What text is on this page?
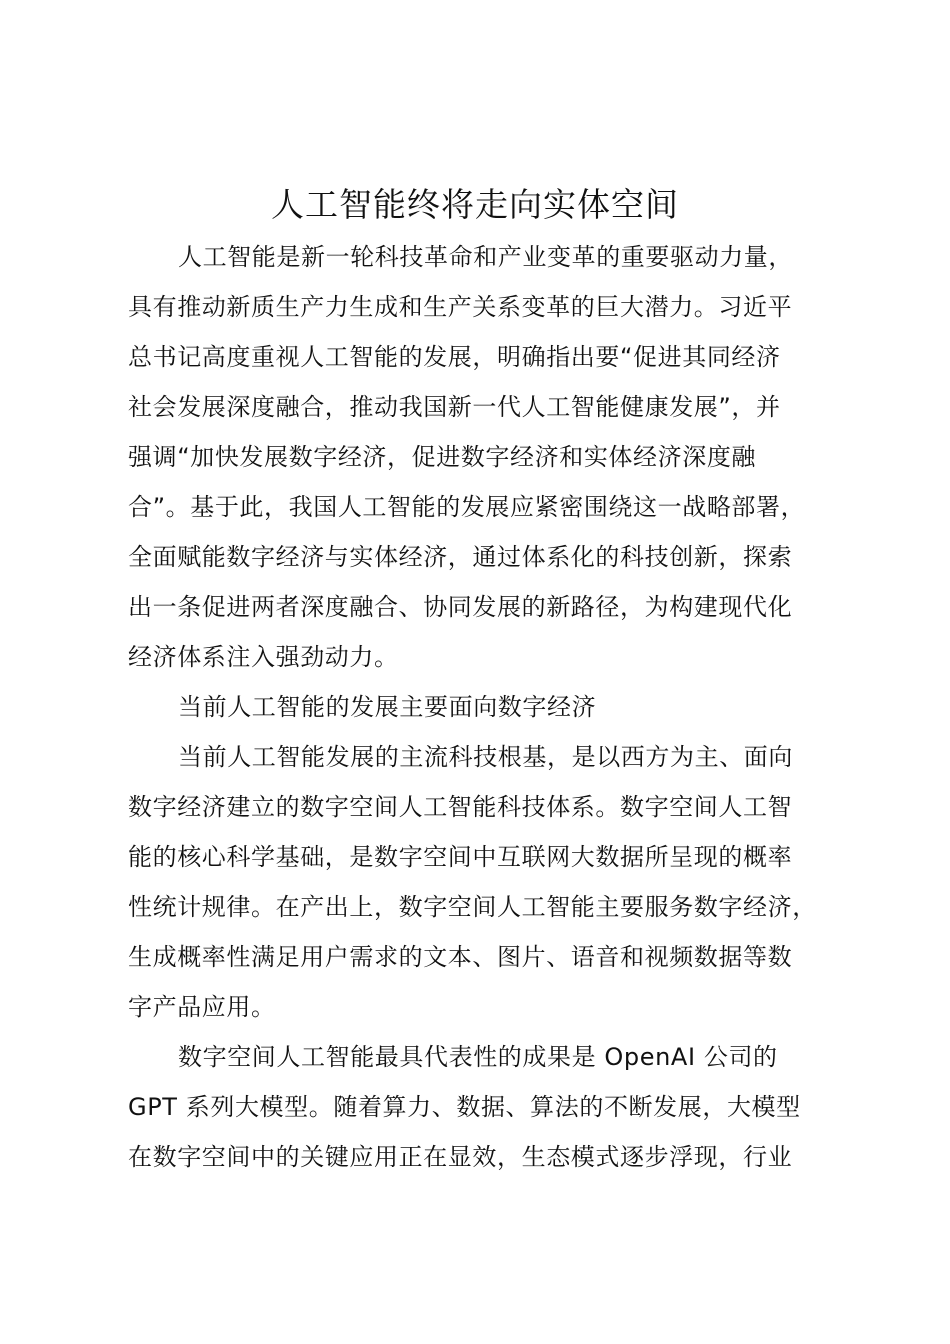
人工智能终将走向实体空间
人工智能是新一轮科技革命和产业变革的重要驱动力量，
具有推动新质生产力生成和生产关系变革的巨大潜力。习近平
总书记高度重视人工智能的发展，明确指出要“促进其同经济
社会发展深度融合，推动我国新一代人工智能健康发展”，并
强调“加快发展数字经济，促进数字经济和实体经济深度融
合”。基于此，我国人工智能的发展应紧密围绕这一战略部署，
全面赋能数字经济与实体经济，通过体系化的科技创新，探索
出一条促进两者深度融合、协同发展的新路径，为构建现代化
经济体系注入强劲动力。
当前人工智能的发展主要面向数字经济
当前人工智能发展的主流科技根基，是以西方为主、面向
数字经济建立的数字空间人工智能科技体系。数字空间人工智
能的核心科学基础，是数字空间中互联网大数据所呈现的概率
性统计规律。在产出上，数字空间人工智能主要服务数字经济，
生成概率性满足用户需求的文本、图片、语音和视频数据等数
字产品应用。
数字空间人工智能最具代表性的成果是 OpenAI 公司的
GPT 系列大模型。随着算力、数据、算法的不断发展，大模型
在数字空间中的关键应用正在显效，生态模式逐步浮现，行业
